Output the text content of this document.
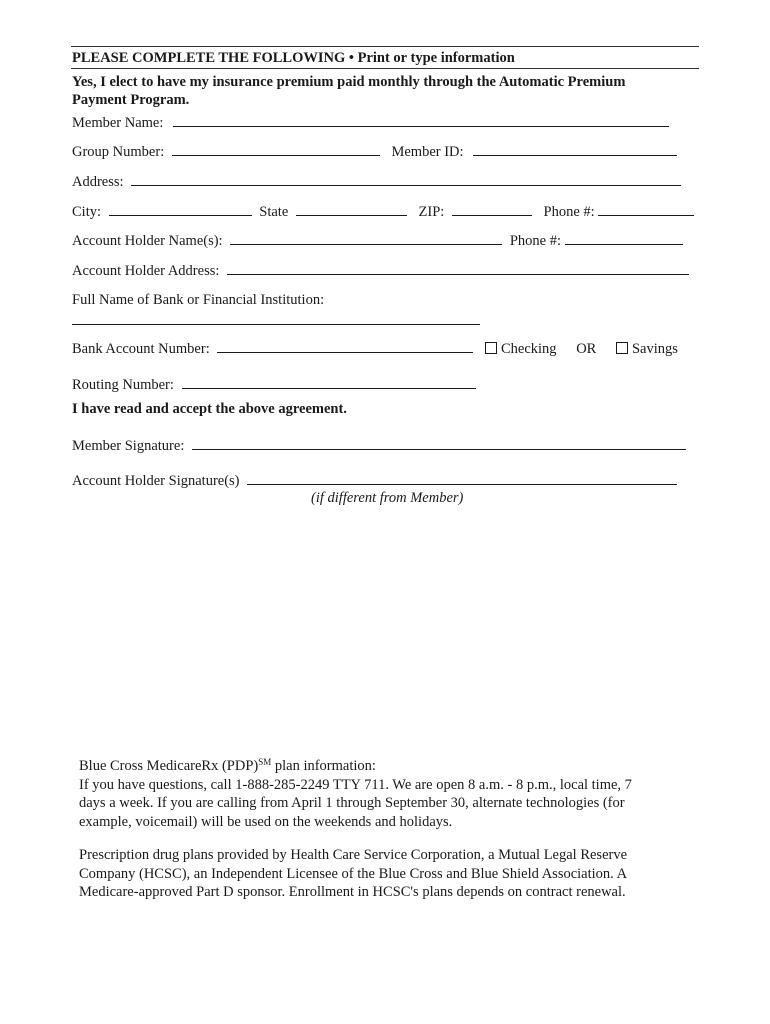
PLEASE COMPLETE THE FOLLOWING • Print or type information
Yes, I elect to have my insurance premium paid monthly through the Automatic Premium
Payment Program.
Member Name:
Group Number:	Member ID:
Address:
City:	State	ZIP:	Phone #:
Account Holder Name(s):	Phone #:
Account Holder Address:
Full Name of Bank or Financial Institution:
Bank Account Number:	Checking OR Savings
Routing Number:
I have read and accept the above agreement.
Member Signature:
Account Holder Signature(s)
(if different from Member)
Blue Cross MedicareRx (PDP)℠ plan information:
If you have questions, call 1-888-285-2249 TTY 711. We are open 8 a.m. - 8 p.m., local time, 7
days a week. If you are calling from April 1 through September 30, alternate technologies (for
example, voicemail) will be used on the weekends and holidays.
Prescription drug plans provided by Health Care Service Corporation, a Mutual Legal Reserve
Company (HCSC), an Independent Licensee of the Blue Cross and Blue Shield Association. A
Medicare-approved Part D sponsor. Enrollment in HCSC's plans depends on contract renewal.
